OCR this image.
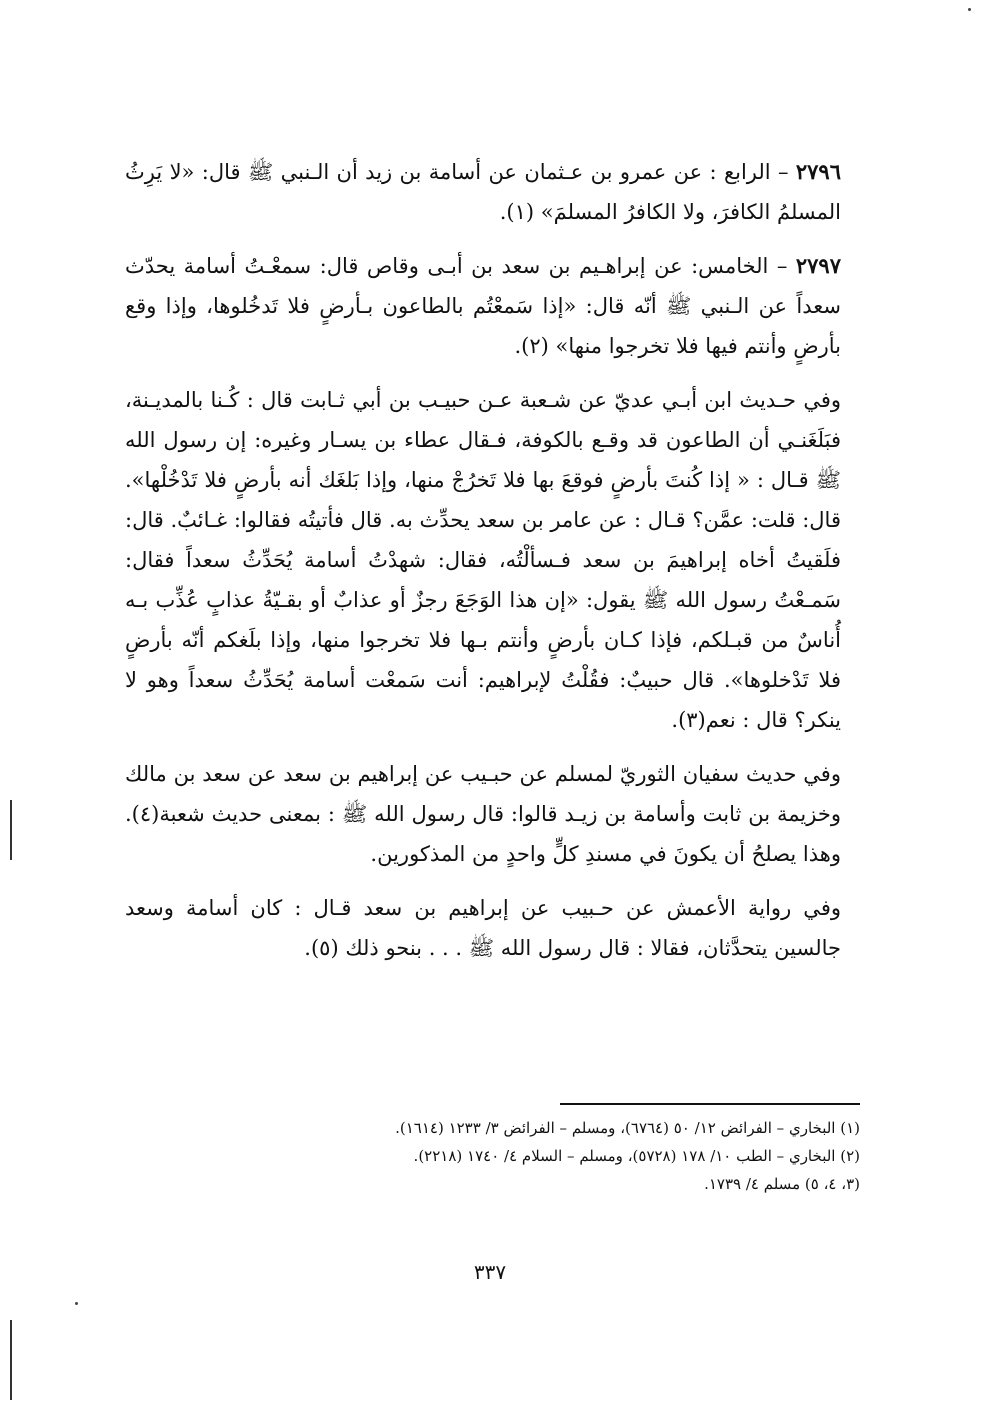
٢٧٩٦ – الرابع : عن عمرو بن عـثمان عن أسامة بن زيد أن الـنبي ﷺ قال: «لا يَرِثُ المسلمُ الكافرَ، ولا الكافرُ المسلمَ» (١).

٢٧٩٧ – الخامس: عن إبراهـيم بن سعد بن أبـى وقاص قال: سمعْـتُ أسامة يحدّث سعداً عن الـنبي ﷺ أنّه قال: «إذا سَمعْتُم بالطاعون بـأرضٍ فلا تَدخُلوها، وإذا وقع بأرضٍ وأنتم فيها فلا تخرجوا منها» (٢).

وفي حـديث ابن أبـي عديّ عن شـعبة عـن حبيـب بن أبي ثـابت قال : كُـنا بالمديـنة، فبَلَغَنـي أن الطاعون قد وقـع بالكوفة، فـقال عطاء بن يسـار وغيره: إن رسول الله ﷺ قـال : « إذا كُنتَ بأرضٍ فوقعَ بها فلا تَخرُجْ منها، وإذا بَلغَك أنه بأرضٍ فلا تَدْخُلْها». قال: قلت: عمَّن؟ قـال : عن عامر بن سعد يحدِّث به. قال فأتيتُه فقالوا: غـائبٌ. قال: فلَقيتُ أخاه إبراهيمَ بن سعد فـسألْتُه، فقال: شهدْتُ أسامة يُحَدِّثُ سعداً فقال: سَمـعْتُ رسول الله ﷺ يقول: «إن هذا الوَجَعَ رجزٌ أو عذابٌ أو بقـيّةُ عذابٍ عُذِّب بـه أُناسٌ من قبـلكم، فإذا كـان بأرضٍ وأنتم بـها فلا تخرجوا منها، وإذا بلَغكم أنّه بأرضٍ فلا تَدْخلوها». قال حبيبٌ: فقُلْتُ لإبراهيم: أنت سَمعْت أسامة يُحَدِّثُ سعداً وهو لا ينكر؟ قال : نعم(٣).

وفي حديث سفيان الثوريّ لمسلم عن حبـيب عن إبراهيم بن سعد عن سعد بن مالك وخزيمة بن ثابت وأسامة بن زيـد قالوا: قال رسول الله ﷺ : بمعنى حديث شعبة(٤). وهذا يصلحُ أن يكونَ في مسندِ كلٍّ واحدٍ من المذكورين.

وفي رواية الأعمش عن حـبيب عن إبراهيم بن سعد قـال : كان أسامة وسعد جالسين يتحدَّثان، فقالا : قال رسول الله ﷺ . . . بنحو ذلك (٥).

(١) البخاري – الفرائض ١٢/ ٥٠ (٦٧٦٤)، ومسلم – الفرائض ٣/ ١٢٣٣ (١٦١٤).

(٢) البخاري – الطب ١٠/ ١٧٨ (٥٧٢٨)، ومسلم – السلام ٤/ ١٧٤٠ (٢٢١٨).

(٣، ٤، ٥) مسلم ٤/ ١٧٣٩.

٣٣٧
